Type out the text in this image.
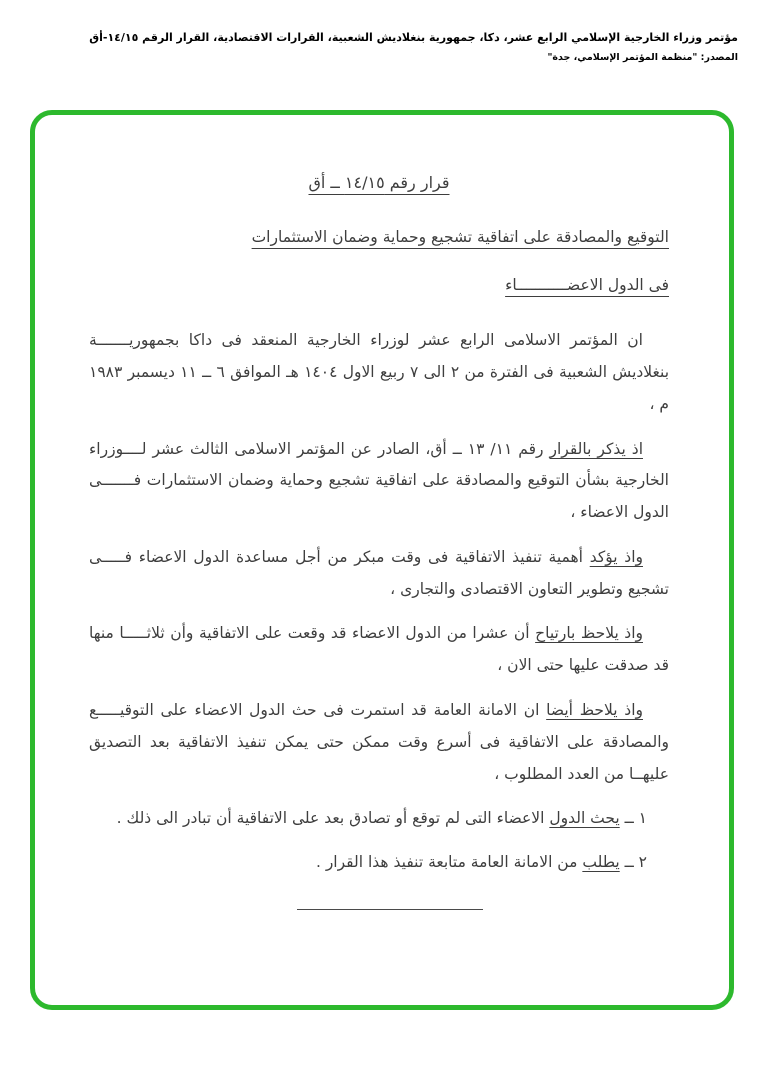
مؤتمر وزراء الخارجية الإسلامي الرابع عشر، دكا، جمهورية بنغلاديش الشعبية، القرارات الاقتصادية، القرار الرقم ١٤/١٥-أق
المصدر: "منظمة المؤتمر الإسلامي، جدة"
قرار رقم ١٤/١٥ ــ أق
التوقيع والمصادقة على اتفاقية تشجيع وحماية وضمان الاستثمارات
فى الدول الاعضـــــــــــاء

ان المؤتمر الاسلامى الرابع عشر لوزراء الخارجية المنعقد فى داكا بجمهوريـــــــة بنغلاديش الشعبية فى الفترة من ٢ الى ٧ ربيع الاول ١٤٠٤ هـ الموافق ٦ ــ ١١ ديسمبر ١٩٨٣ م ،

اذ يذكر بالقرار رقم ١١/ ١٣ ــ أق، الصادر عن المؤتمر الاسلامى الثالث عشر لــــوزراء الخارجية بشأن التوقيع والمصادقة على اتفاقية تشجيع وحماية وضمان الاستثمارات فـــــــى الدول الاعضاء ،

واذ يؤكد أهمية تنفيذ الاتفاقية فى وقت مبكر من أجل مساعدة الدول الاعضاء فـــــى تشجيع وتطوير التعاون الاقتصادى والتجارى ،

واذ يلاحظ بارتياح أن عشرا من الدول الاعضاء قد وقعت على الاتفاقية وأن ثلاثـــــا منها قد صدقت عليها حتى الان ،

واذ يلاحظ أيضا ان الامانة العامة قد استمرت فى حث الدول الاعضاء على التوقيـــــع والمصادقة على الاتفاقية فى أسرع وقت ممكن حتى يمكن تنفيذ الاتفاقية بعد التصديق عليهــا من العدد المطلوب ،

١ ــ يحث الدول الاعضاء التى لم توقع أو تصادق بعد على الاتفاقية أن تبادر الى ذلك .

٢ ــ يطلب من الامانة العامة متابعة تنفيذ هذا القرار .
